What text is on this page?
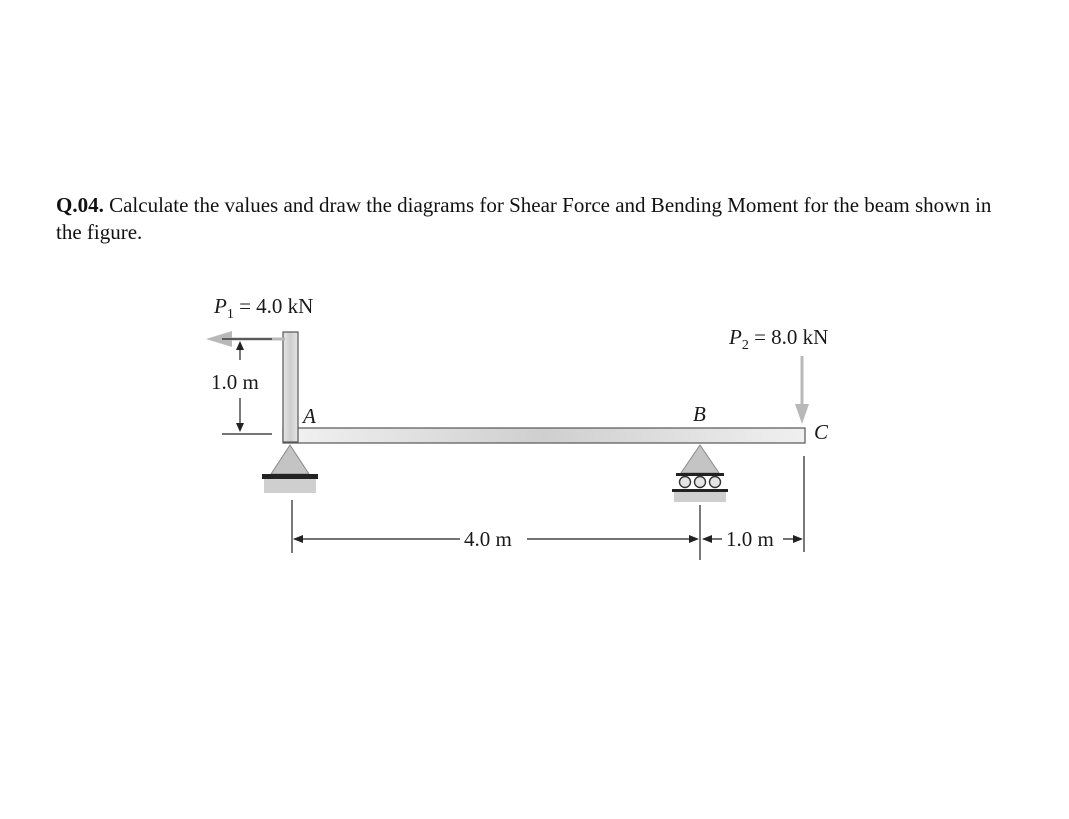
Q.04. Calculate the values and draw the diagrams for Shear Force and Bending Moment for the beam shown in the figure.

$P_1 = 4.0$ kN
1.0 m
A	B
C
$P_2 = 8.0$ kN
4.0 m	1.0 m
